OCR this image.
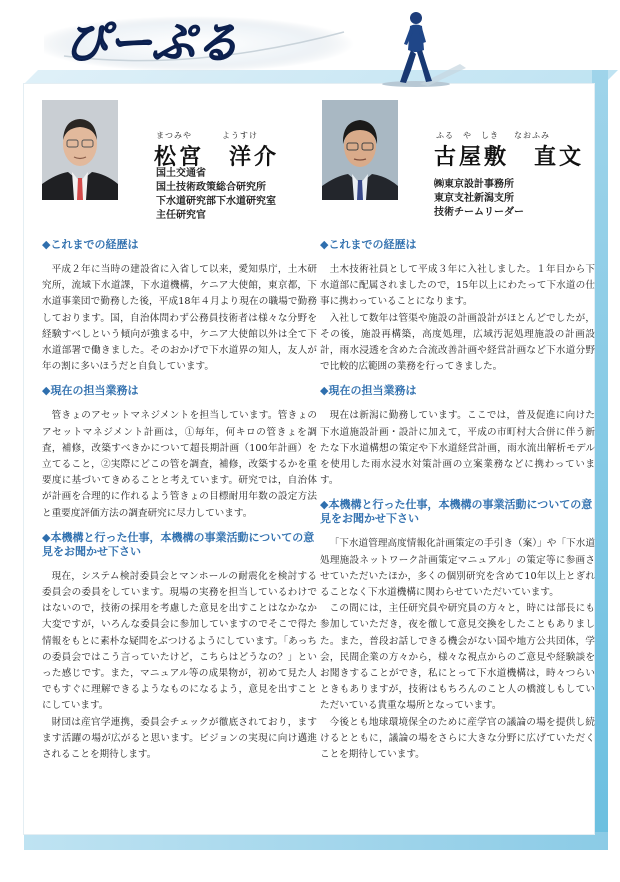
ぴーぷる
まつみや	ようすけ
松宮　洋介
国土交通省
国土技術政策総合研究所
下水道研究部下水道研究室
主任研究官
ふる　や　しき なおふみ
古屋敷　直文
㈱東京設計事務所
東京支社新潟支所
技術チームリーダー
◆これまでの経歴は

平成２年に当時の建設省に入省して以来，愛知県庁，土木研究所，流域下水道課，下水道機構，ケニア大使館，東京都，下水道事業団で勤務した後，平成18年４月より現在の職場で勤務しております。国，自治体問わず公務員技術者は様々な分野を経験すべしという傾向が強まる中，ケニア大使館以外は全て下水道部署で働きました。そのおかげで下水道界の知人，友人が年の割に多いほうだと自負しています。

◆現在の担当業務は

管きょのアセットマネジメントを担当しています。管きょのアセットマネジメント計画は，①毎年，何キロの管きょを調査，補修，改築すべきかについて超長期計画（100年計画）を立てること，②実際にどこの管を調査，補修，改築するかを重要度に基づいてきめることと考えています。研究では，自治体が計画を合理的に作れるよう管きょの目標耐用年数の設定方法と重要度評価方法の調査研究に尽力しています。

◆本機構と行った仕事，本機構の事業活動についての意見をお聞かせ下さい

現在，システム検討委員会とマンホールの耐震化を検討する委員会の委員をしています。現場の実務を担当しているわけではないので，技術の採用を考慮した意見を出すことはなかなか大変ですが，いろんな委員会に参加していますのでそこで得た情報をもとに素朴な疑問をぶつけるようにしています。「あっちの委員会ではこう言っていたけど，こちらはどうなの？」といった感じです。また，マニュアル等の成果物が，初めて見た人でもすぐに理解できるようなものになるよう，意見を出すことにしています。

財団は産官学連携，委員会チェックが徹底されており，ますます活躍の場が広がると思います。ビジョンの実現に向け邁進されることを期待します。

◆これまでの経歴は

土木技術社員として平成３年に入社しました。１年目から下水道部に配属されましたので，15年以上にわたって下水道の仕事に携わっていることになります。

入社して数年は管渠や施設の計画設計がほとんどでしたが，その後，施設再構築，高度処理，広域汚泥処理施設の計画設計，雨水浸透を含めた合流改善計画や経営計画など下水道分野で比較的広範囲の業務を行ってきました。

◆現在の担当業務は

現在は新潟に勤務しています。ここでは，普及促進に向けた下水道施設計画・設計に加えて，平成の市町村大合併に伴う新たな下水道構想の策定や下水道経営計画，雨水流出解析モデルを使用した雨水浸水対策計画の立案業務などに携わっています。

◆本機構と行った仕事，本機構の事業活動についての意見をお聞かせ下さい

「下水道管理高度情報化計画策定の手引き（案）」や「下水道処理施設ネットワーク計画策定マニュアル」の策定等に参画させていただいたほか，多くの個別研究を含めて10年以上とぎれることなく下水道機構に関わらせていただいています。

この間には，主任研究員や研究員の方々と，時には部長にも参加していただき，夜を徹して意見交換をしたこともありました。また，普段お話しできる機会がない国や地方公共団体，学会，民間企業の方々から，様々な視点からのご意見や経験談をお聞きすることができ，私にとって下水道機構は，時々つらいときもありますが，技術はもちろんのこと人の橋渡しもしていただいている貴重な場所となっています。

今後とも地球環境保全のために産学官の議論の場を提供し続けるとともに，議論の場をさらに大きな分野に広げていただくことを期待しています。
